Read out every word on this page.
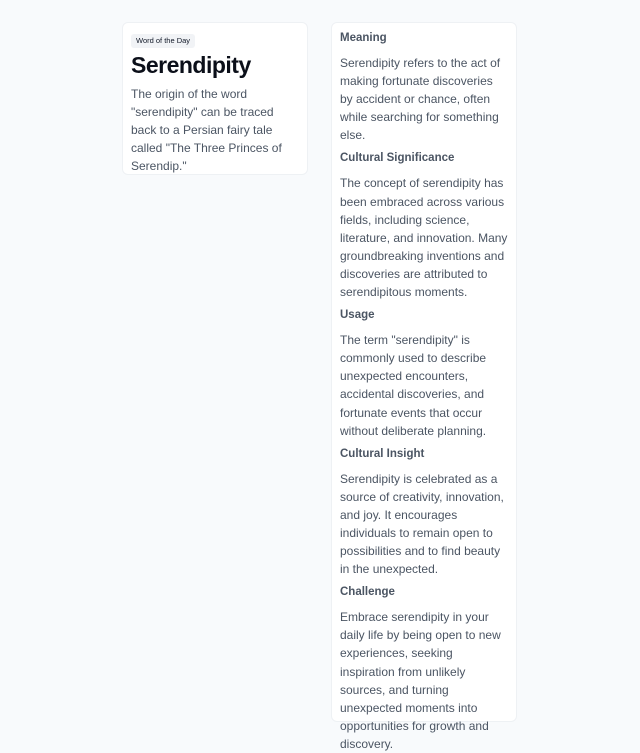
Word of the Day
Serendipity
The origin of the word "serendipity" can be traced back to a Persian fairy tale called "The Three Princes of Serendip."
Meaning
Serendipity refers to the act of making fortunate discoveries by accident or chance, often while searching for something else.
Cultural Significance
The concept of serendipity has been embraced across various fields, including science, literature, and innovation. Many groundbreaking inventions and discoveries are attributed to serendipitous moments.
Usage
The term "serendipity" is commonly used to describe unexpected encounters, accidental discoveries, and fortunate events that occur without deliberate planning.
Cultural Insight
Serendipity is celebrated as a source of creativity, innovation, and joy. It encourages individuals to remain open to possibilities and to find beauty in the unexpected.
Challenge
Embrace serendipity in your daily life by being open to new experiences, seeking inspiration from unlikely sources, and turning unexpected moments into opportunities for growth and discovery.
